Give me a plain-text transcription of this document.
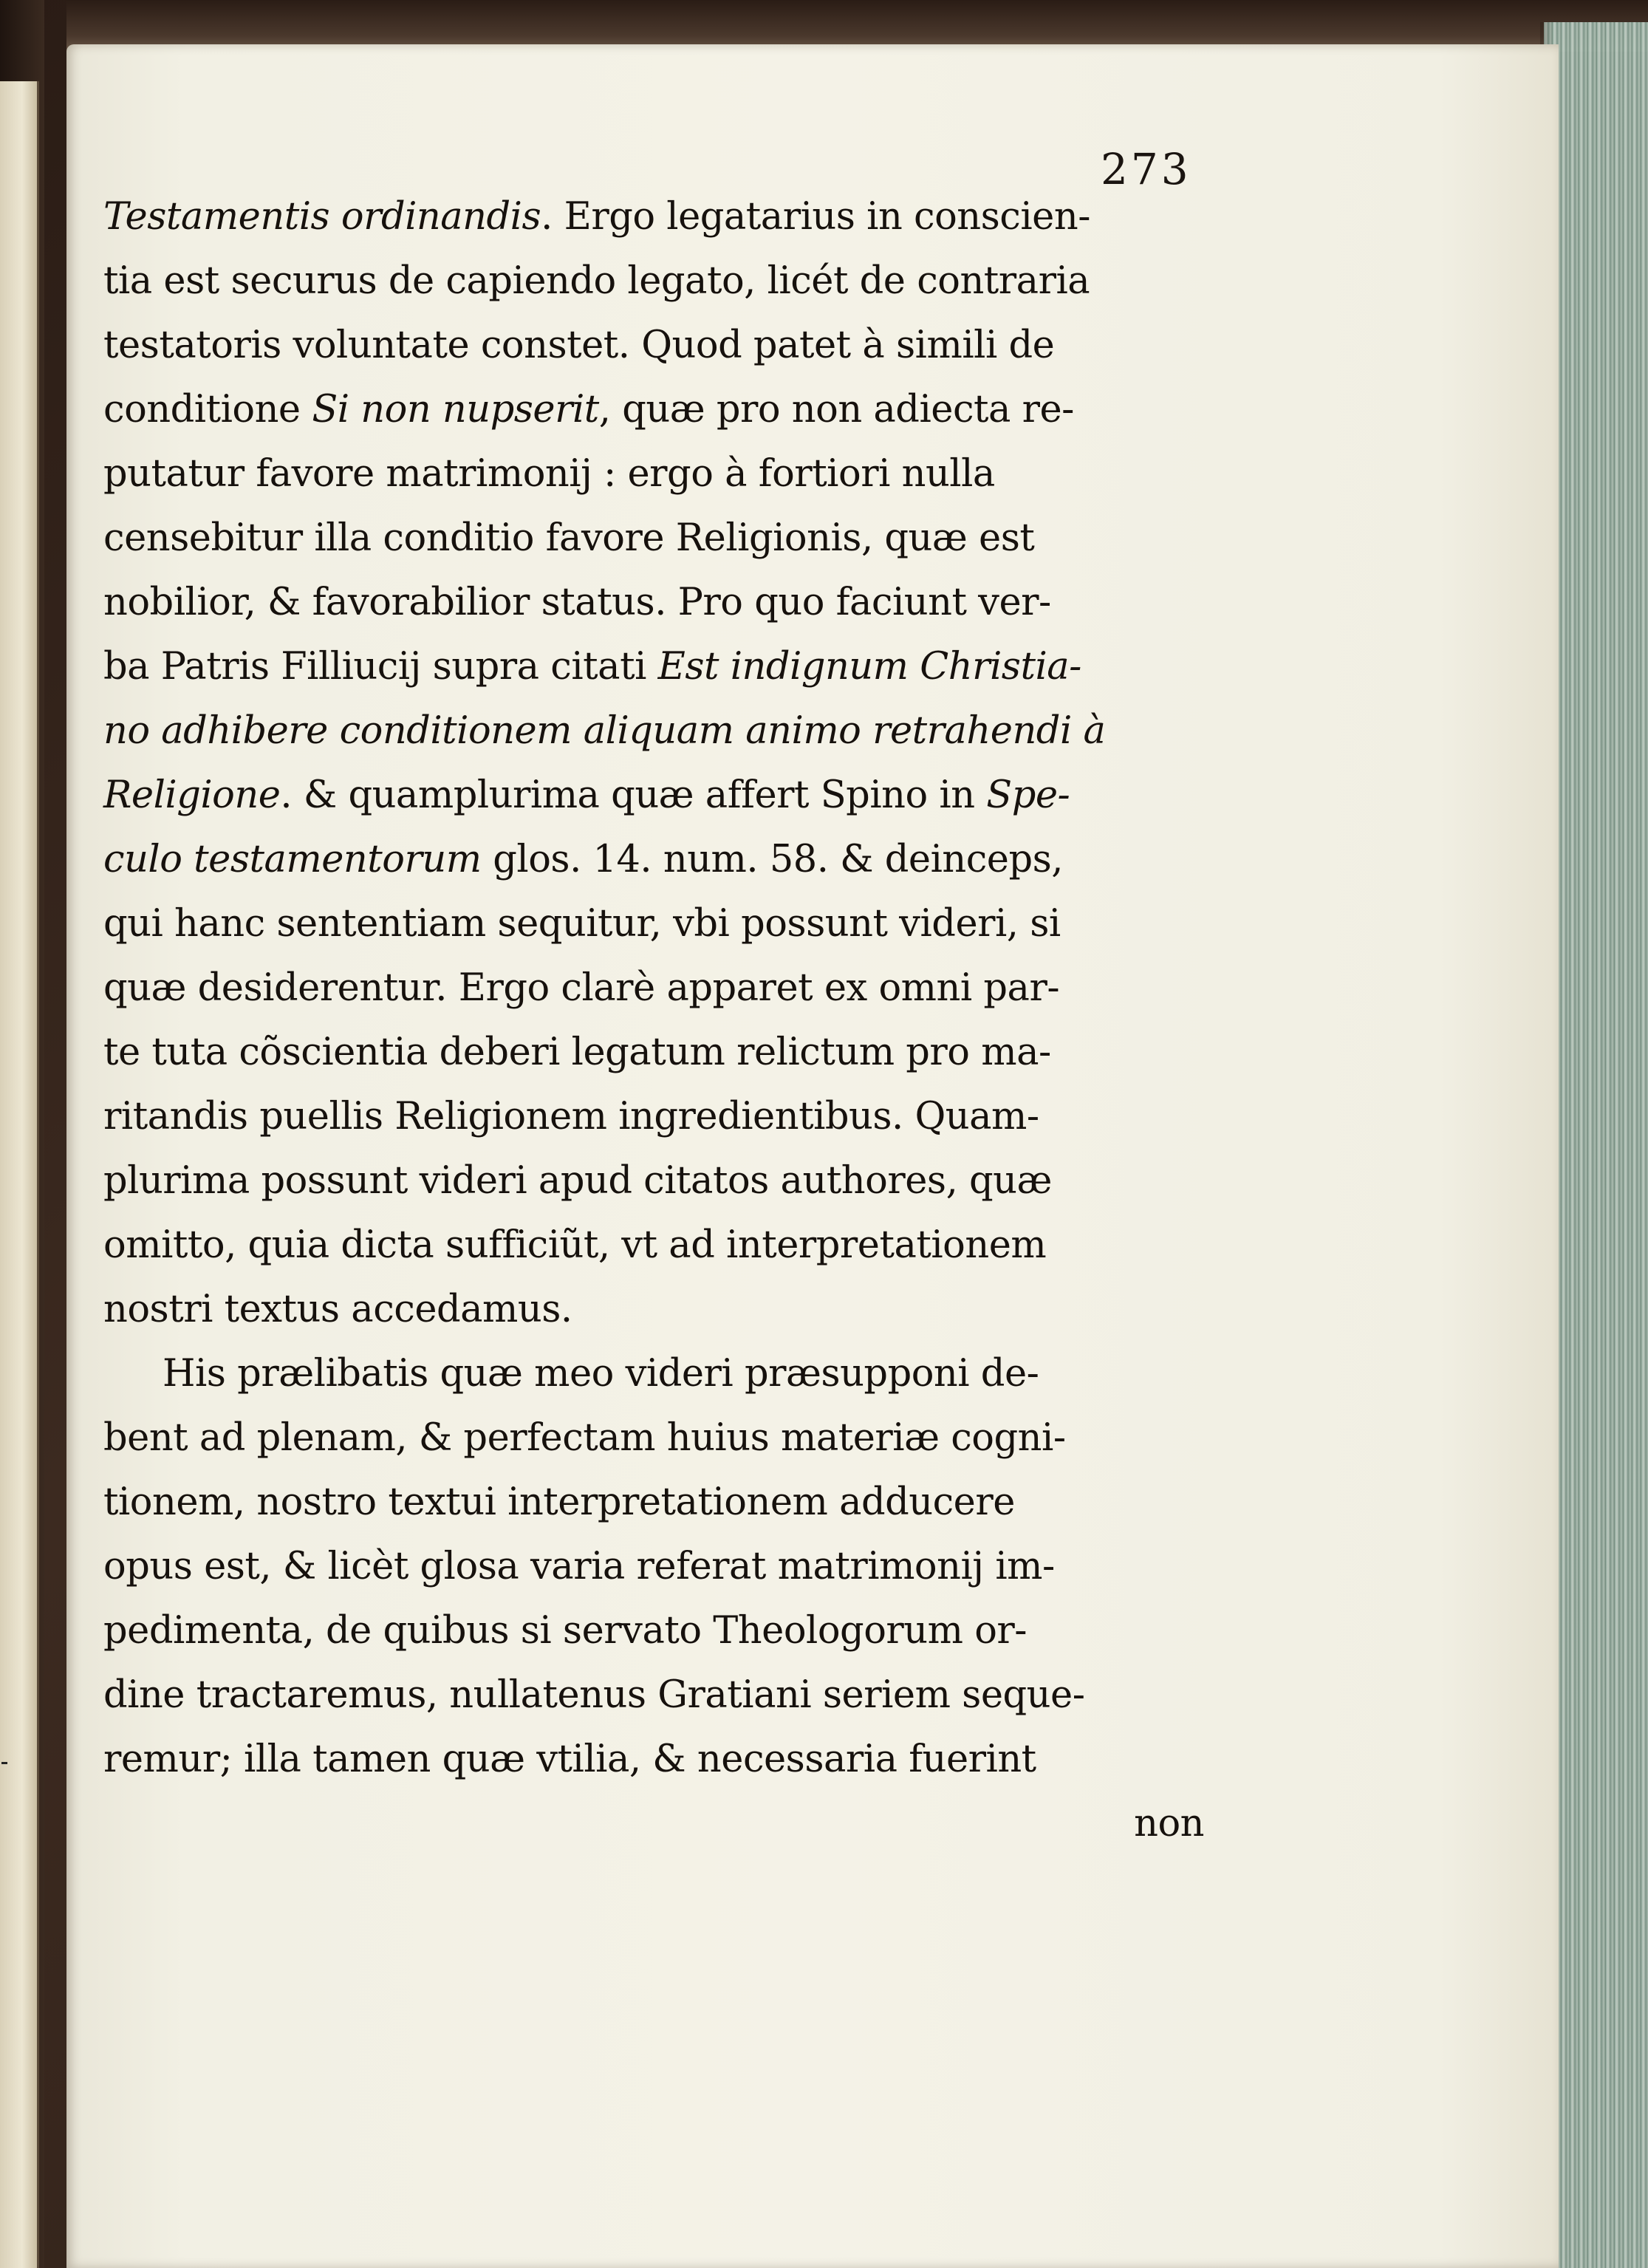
273
Testamentis ordinandis. Ergo legatarius in conscien-
tia est securus de capiendo legato, licét de contraria
testatoris voluntate constet. Quod patet à simili de
conditione Si non nupserit, quæ pro non adiecta re-
putatur favore matrimonij : ergo à fortiori nulla
censebitur illa conditio favore Religionis, quæ est
nobilior, & favorabilior status. Pro quo faciunt ver-
ba Patris Filliucij supra citati Est indignum Christia-
no adhibere conditionem aliquam animo retrahendi à
Religione. & quamplurima quæ affert Spino in Spe-
culo testamentorum glos. 14. num. 58. & deinceps,
qui hanc sententiam sequitur, vbi possunt videri, si
quæ desiderentur. Ergo clarè apparet ex omni par-
te tuta cõscientia deberi legatum relictum pro ma-
ritandis puellis Religionem ingredientibus. Quam-
plurima possunt videri apud citatos authores, quæ
omitto, quia dicta sufficiũt, vt ad interpretationem
nostri textus accedamus.
His prælibatis quæ meo videri præsupponi de-
bent ad plenam, & perfectam huius materiæ cogni-
tionem, nostro textui interpretationem adducere
opus est, & licèt glosa varia referat matrimonij im-
pedimenta, de quibus si servato Theologorum or-
dine tractaremus, nullatenus Gratiani seriem seque-
remur; illa tamen quæ vtilia, & necessaria fuerint
non
